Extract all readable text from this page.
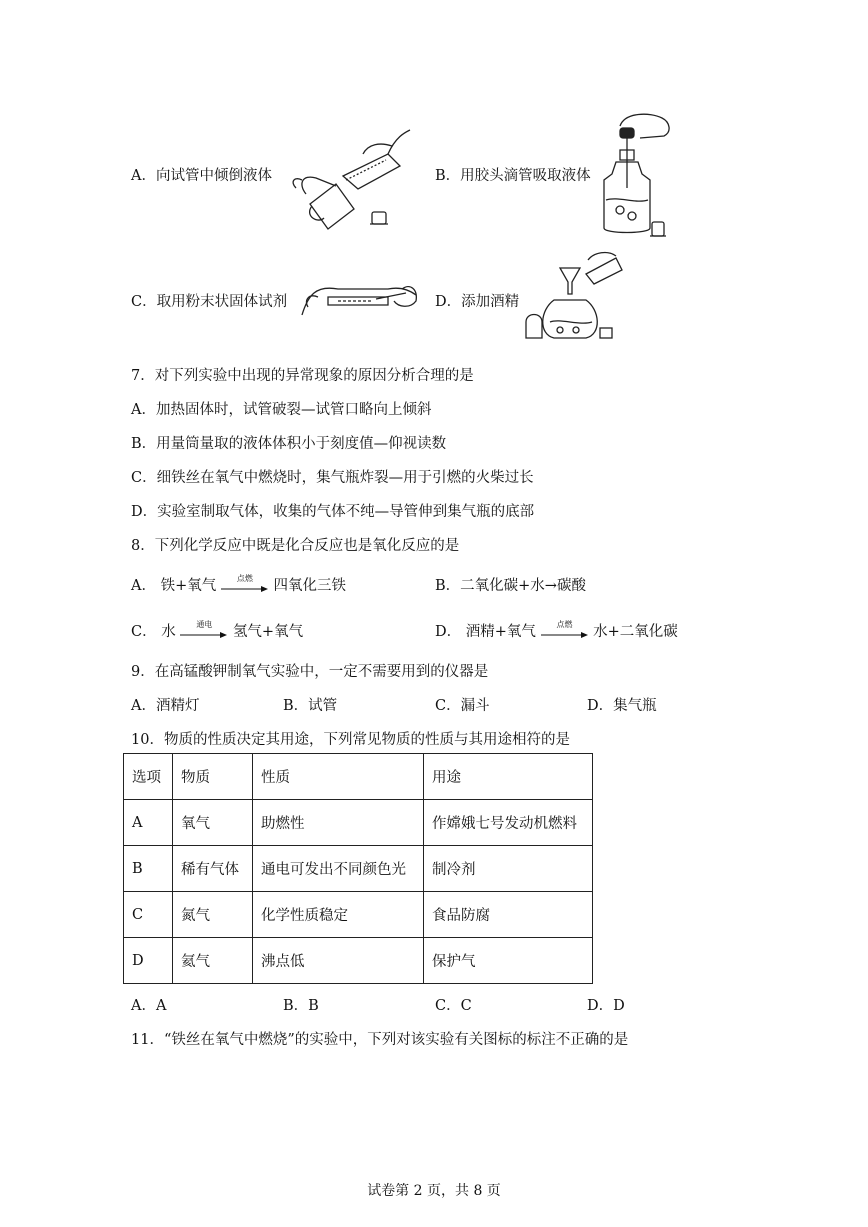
A．向试管中倾倒液体	B．用胶头滴管吸取液体
C．取用粉末状固体试剂	D．添加酒精
7．对下列实验中出现的异常现象的原因分析合理的是
A．加热固体时，试管破裂—试管口略向上倾斜
B．用量筒量取的液体体积小于刻度值—仰视读数
C．细铁丝在氧气中燃烧时，集气瓶炸裂—用于引燃的火柴过长
D．实验室制取气体，收集的气体不纯—导管伸到集气瓶的底部
8．下列化学反应中既是化合反应也是氧化反应的是
A． 铁+氧气	点燃	四氧化三铁	B．二氧化碳+水→碳酸
C． 水	通电	氢气+氧气	D． 酒精+氧气	点燃	水+二氧化碳
9．在高锰酸钾制氧气实验中，一定不需要用到的仪器是
A．酒精灯	B．试管	C．漏斗	D．集气瓶
10．物质的性质决定其用途，下列常见物质的性质与其用途相符的是
选项	物质	性质	用途
A	氧气	助燃性	作嫦娥七号发动机燃料
B	稀有气体	通电可发出不同颜色光	制冷剂
C	氮气	化学性质稳定	食品防腐
D	氦气	沸点低	保护气
A．A	B．B	C．C	D．D
11．“铁丝在氧气中燃烧”的实验中，下列对该实验有关图标的标注不正确的是
试卷第 2 页，共 8 页
